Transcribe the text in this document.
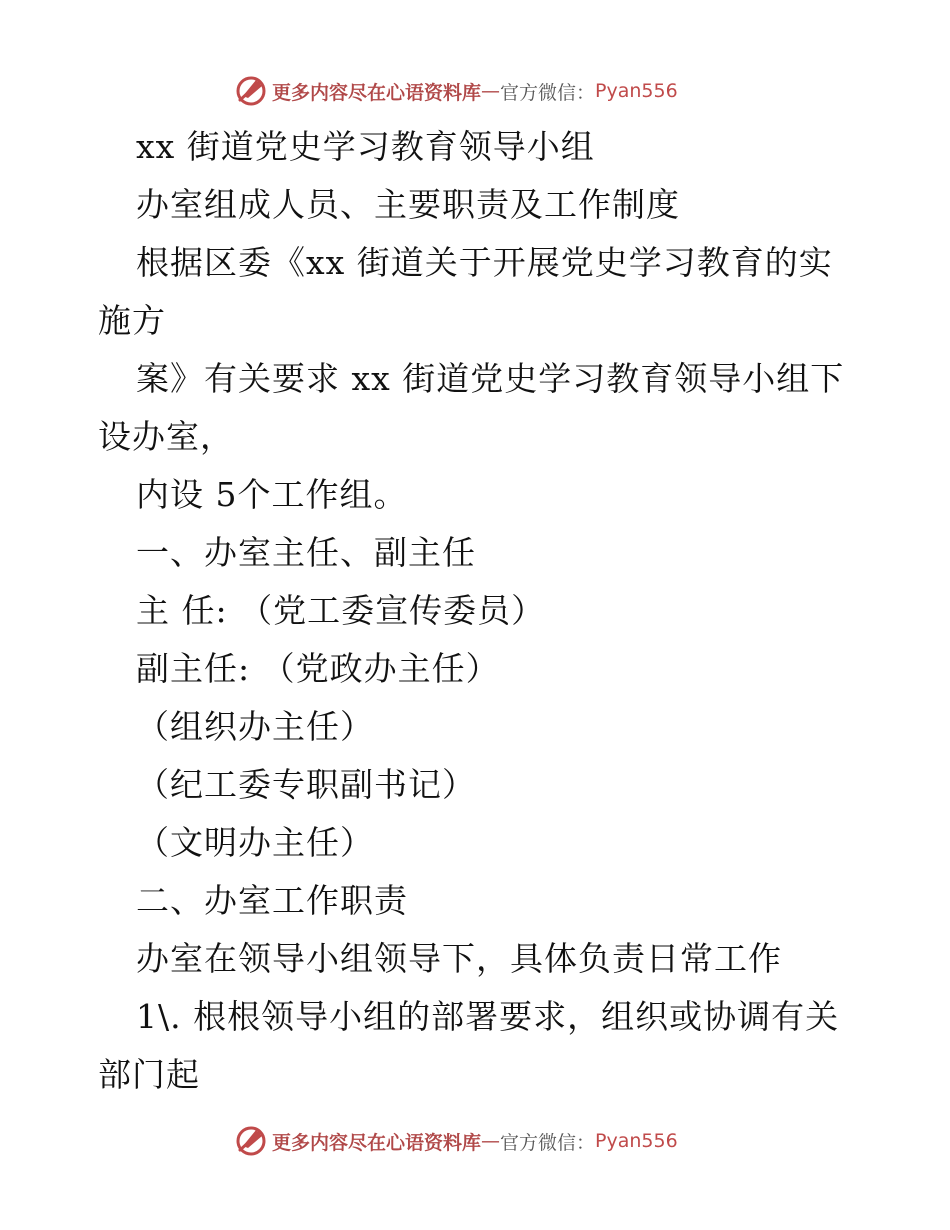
更多内容尽在心语资料库 — 官方微信： Pyan556
xx 街道党史学习教育领导小组
办室组成人员、主要职责及工作制度
根据区委《xx 街道关于开展党史学习教育的实
施方
案》有关要求 xx 街道党史学习教育领导小组下
设办室，
内设 5个工作组。
一、办室主任、副主任
主 任: （党工委宣传委员）
副主任: （党政办主任）
（组织办主任）
（纪工委专职副书记）
（文明办主任）
二、办室工作职责
办室在领导小组领导下，具体负责日常工作
1\. 根根领导小组的部署要求，组织或协调有关
部门起
更多内容尽在心语资料库 — 官方微信： Pyan556
